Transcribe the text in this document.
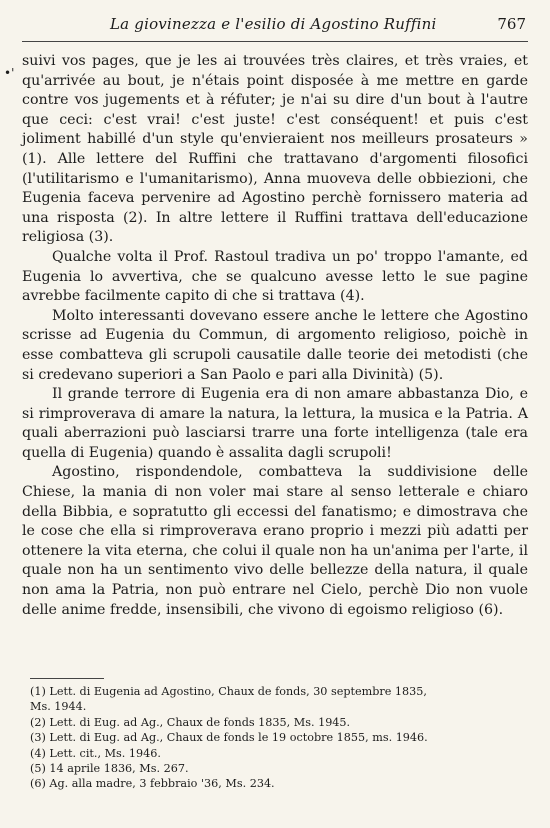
La giovinezza e l'esilio di Agostino Ruffini	767
•'

suivi vos pages, que je les ai trouvées très claires, et très vraies, et qu'arrivée au bout, je n'étais point disposée à me mettre en garde contre vos jugements et à réfuter; je n'ai su dire d'un bout à l'autre que ceci: c'est vrai! c'est juste! c'est conséquent! et puis c'est joliment habillé d'un style qu'envieraient nos meilleurs prosateurs » (1). Alle lettere del Ruffini che trattavano d'argomenti filosofici (l'utilitarismo e l'umanitarismo), Anna muoveva delle obbiezioni, che Eugenia faceva pervenire ad Agostino perchè fornissero materia ad una risposta (2). In altre lettere il Ruffini trattava dell'educazione religiosa (3).

Qualche volta il Prof. Rastoul tradiva un po' troppo l'amante, ed Eugenia lo avvertiva, che se qualcuno avesse letto le sue pagine avrebbe facilmente capito di che si trattava (4).

Molto interessanti dovevano essere anche le lettere che Agostino scrisse ad Eugenia du Commun, di argomento religioso, poichè in esse combatteva gli scrupoli causatile dalle teorie dei metodisti (che si credevano superiori a San Paolo e pari alla Divinità) (5).

Il grande terrore di Eugenia era di non amare abbastanza Dio, e si rimproverava di amare la natura, la lettura, la musica e la Patria. A quali aberrazioni può lasciarsi trarre una forte intelligenza (tale era quella di Eugenia) quando è assalita dagli scrupoli!

Agostino, rispondendole, combatteva la suddivisione delle Chiese, la mania di non voler mai stare al senso letterale e chiaro della Bibbia, e sopratutto gli eccessi del fanatismo; e dimostrava che le cose che ella si rimproverava erano proprio i mezzi più adatti per ottenere la vita eterna, che colui il quale non ha un'anima per l'arte, il quale non ha un sentimento vivo delle bellezze della natura, il quale non ama la Patria, non può entrare nel Cielo, perchè Dio non vuole delle anime fredde, insensibili, che vivono di egoismo religioso (6).

(1) Lett. di Eugenia ad Agostino, Chaux de fonds, 30 septembre 1835,
Ms. 1944.
(2) Lett. di Eug. ad Ag., Chaux de fonds 1835, Ms. 1945.
(3) Lett. di Eug. ad Ag., Chaux de fonds le 19 octobre 1855, ms. 1946.
(4) Lett. cit., Ms. 1946.
(5) 14 aprile 1836, Ms. 267.
(6) Ag. alla madre, 3 febbraio '36, Ms. 234.
